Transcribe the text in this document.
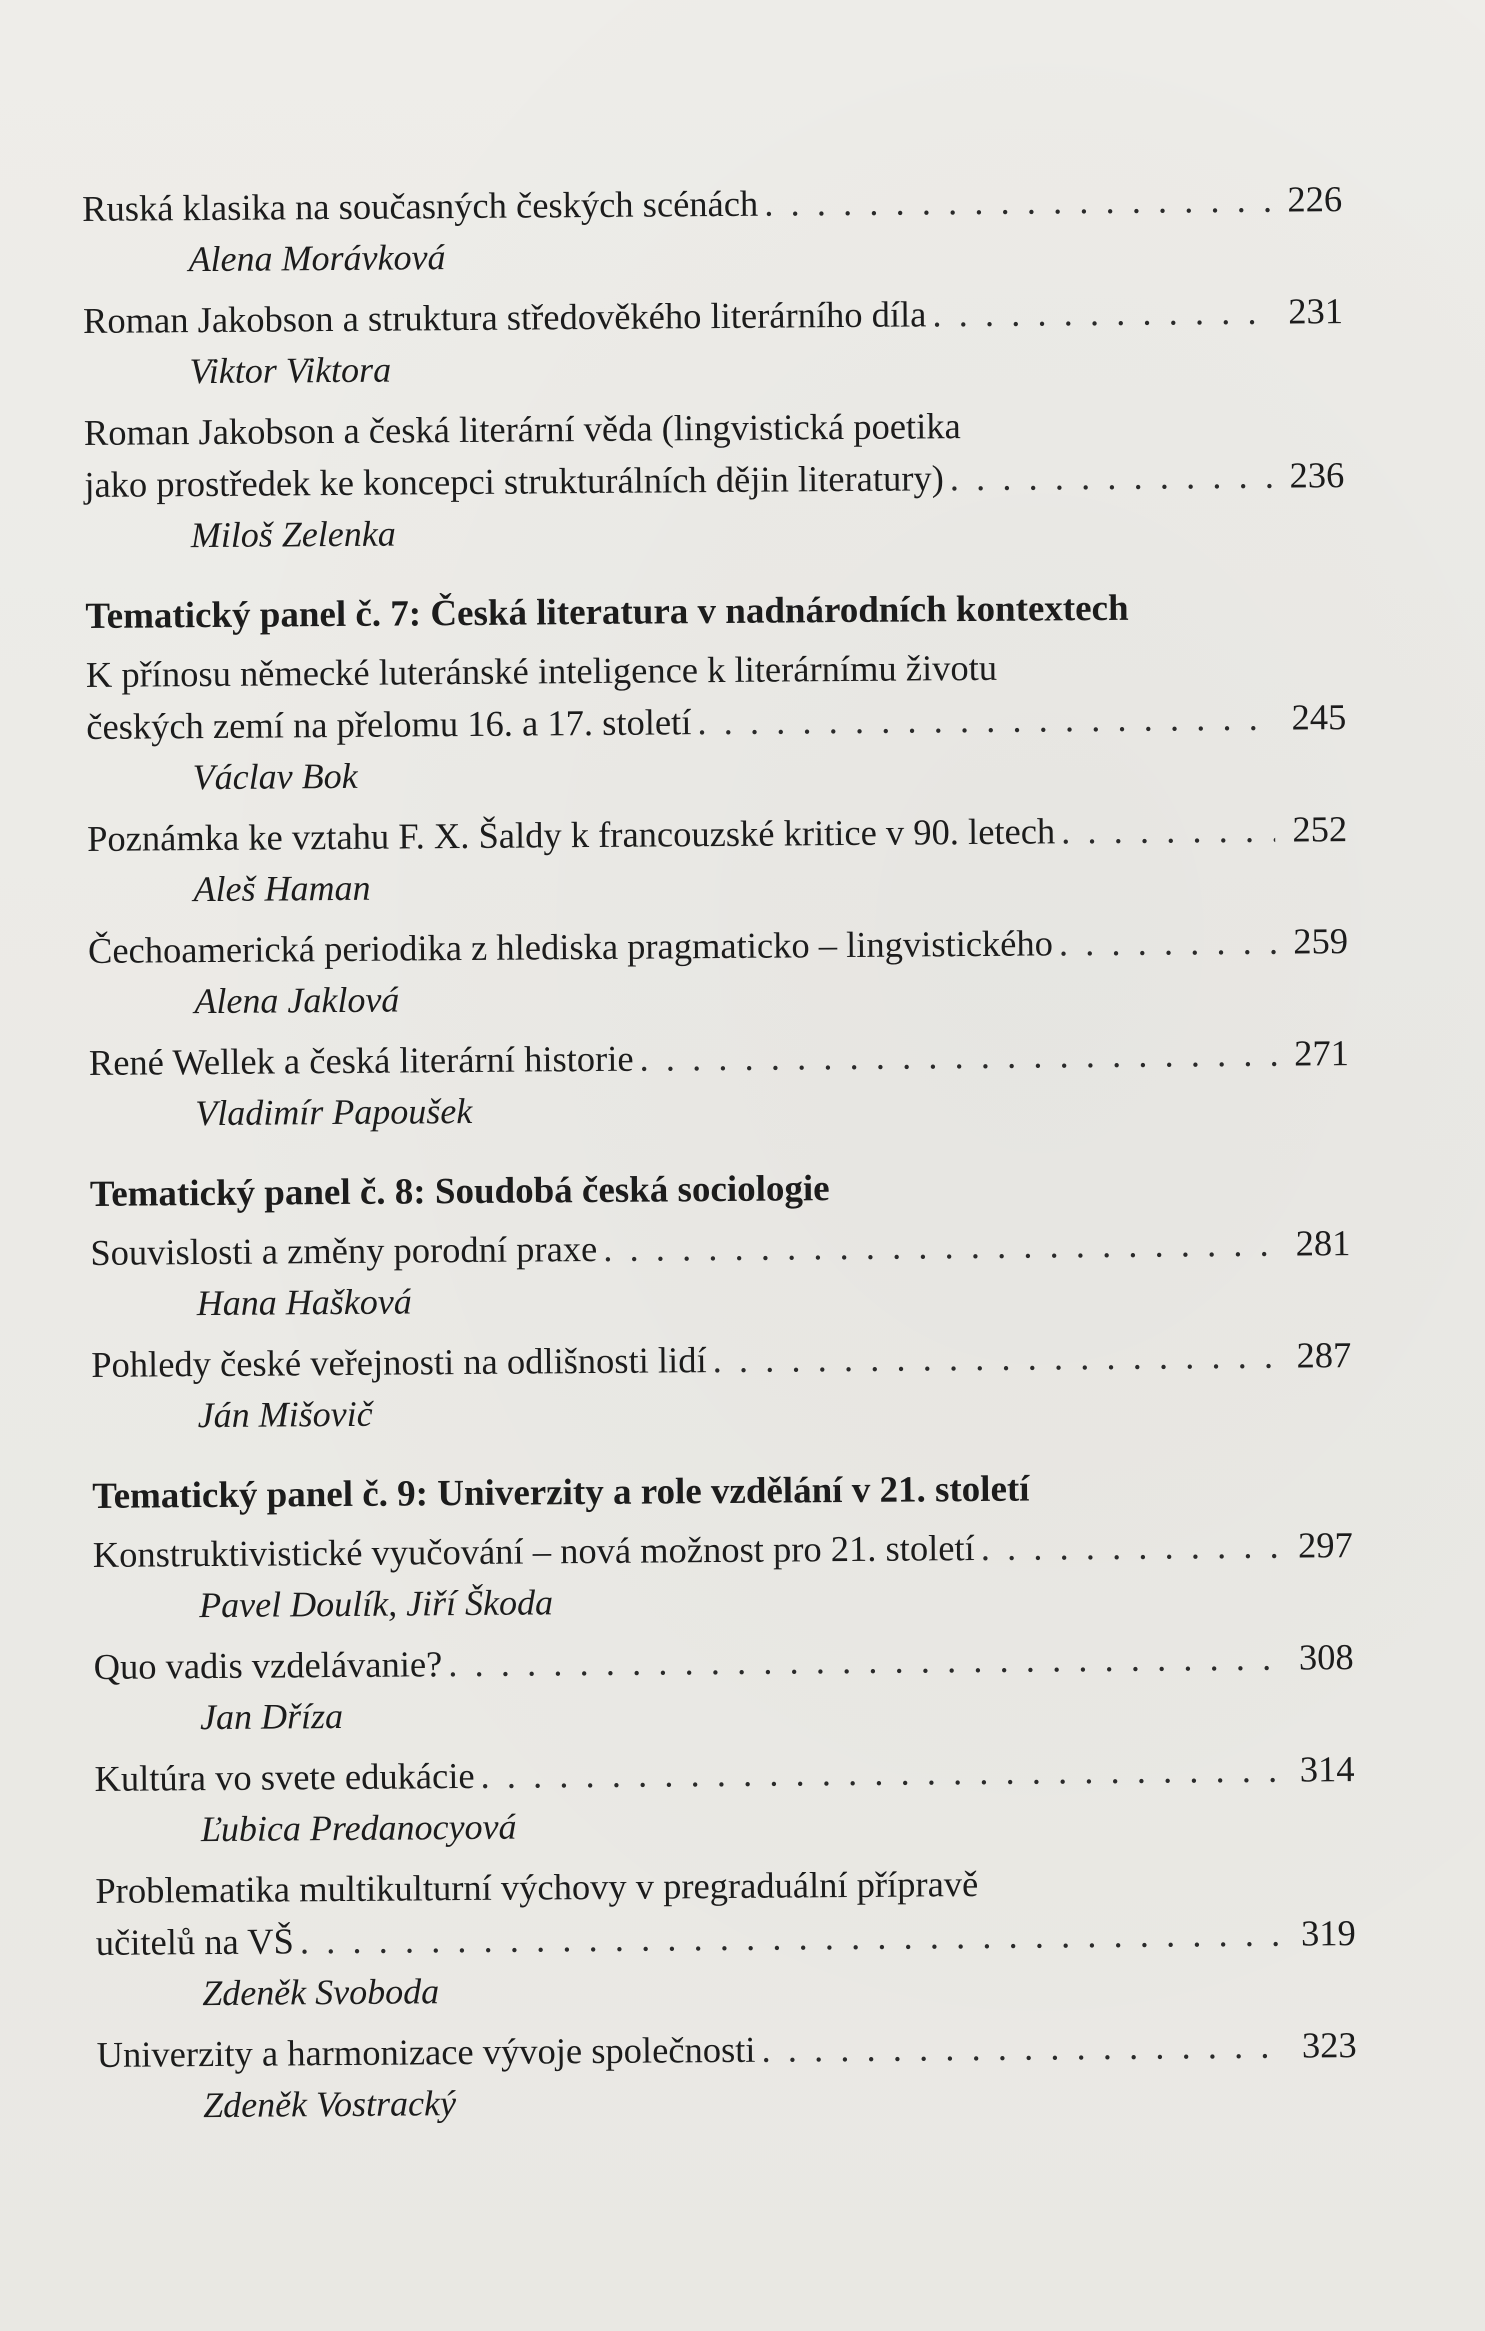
Ruská klasika na současných českých scénách . . .	226
Alena Morávková
Roman Jakobson a struktura středověkého literárního díla . . .	231
Viktor Viktora
Roman Jakobson a česká literární věda (lingvistická poetika
jako prostředek ke koncepci strukturálních dějin literatury) . . .	236
Miloš Zelenka
Tematický panel č. 7: Česká literatura v nadnárodních kontextech
K přínosu německé luteránské inteligence k literárnímu životu
českých zemí na přelomu 16. a 17. století . . .	245
Václav Bok
Poznámka ke vztahu F. X. Šaldy k francouzské kritice v 90. letech . . .	252
Aleš Haman
Čechoamerická periodika z hlediska pragmaticko – lingvistického . . .	259
Alena Jaklová
René Wellek a česká literární historie . . .	271
Vladimír Papoušek
Tematický panel č. 8: Soudobá česká sociologie
Souvislosti a změny porodní praxe . . .	281
Hana Hašková
Pohledy české veřejnosti na odlišnosti lidí . . .	287
Ján Mišovič
Tematický panel č. 9: Univerzity a role vzdělání v 21. století
Konstruktivistické vyučování – nová možnost pro 21. století . . .	297
Pavel Doulík, Jiří Škoda
Quo vadis vzdelávanie? . . .	308
Jan Dříza
Kultúra vo svete edukácie . . .	314
Ľubica Predanocyová
Problematika multikulturní výchovy v pregraduální přípravě
učitelů na VŠ . . .	319
Zdeněk Svoboda
Univerzity a harmonizace vývoje společnosti . . .	323
Zdeněk Vostracký
